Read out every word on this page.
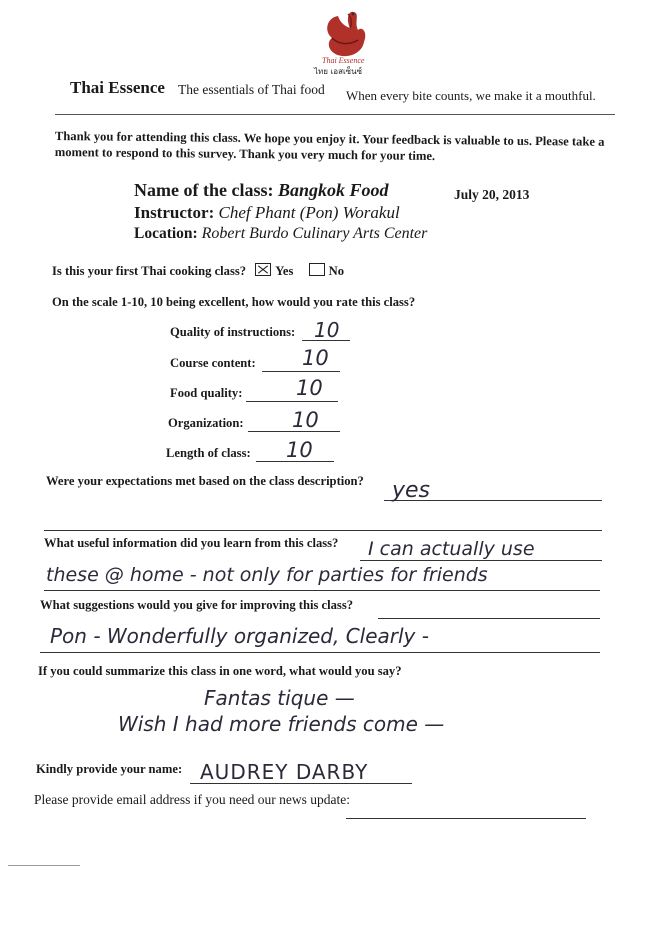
Thai Essence
ไทย เอสเซ็นซ์
Thai Essence The essentials of Thai food When every bite counts, we make it a mouthful.
Thank you for attending this class. We hope you enjoy it. Your feedback is valuable to us. Please take a moment to respond to this survey. Thank you very much for your time.
Name of the class: Bangkok Food	July 20, 2013
Instructor: Chef Phant (Pon) Worakul
Location: Robert Burdo Culinary Arts Center
Is this your first Thai cooking class? Yes	No
On the scale 1-10, 10 being excellent, how would you rate this class?
Quality of instructions: 10
Course content: 10
Food quality:	10
Organization: 10
Length of class: 10
Were your expectations met based on the class description? yes
What useful information did you learn from this class? I can actually use
these @ home - not only for parties for friends
What suggestions would you give for improving this class?
Pon - Wonderfully organized, Clearly -
If you could summarize this class in one word, what would you say?
Fantas tique —
Wish I had more friends come —
Kindly provide your name: AUDREY DARBY
Please provide email address if you need our news update:
